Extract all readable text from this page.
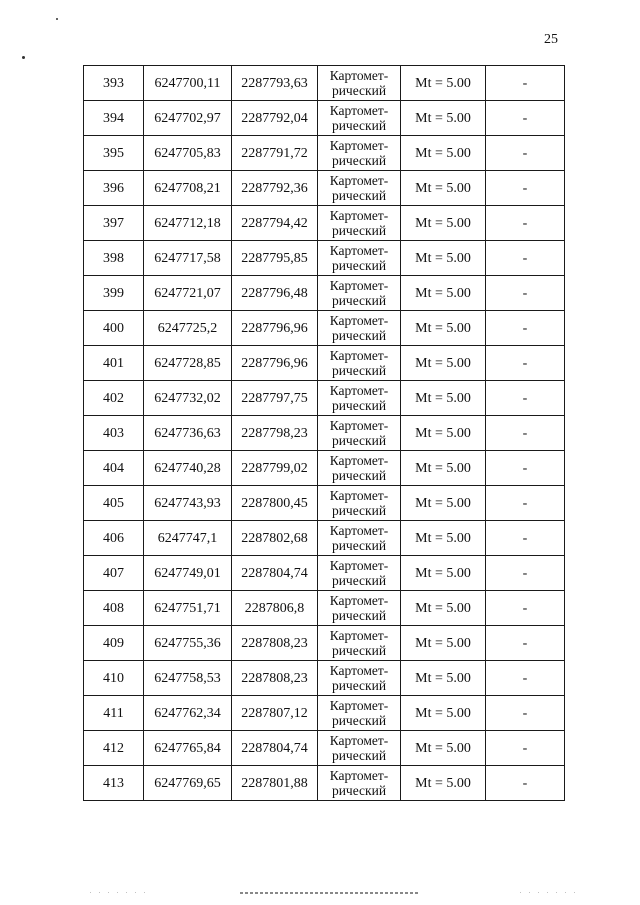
25
393	6247700,11	2287793,63	Картомет-
рический	Mt = 5.00	-
394	6247702,97	2287792,04	Картомет-
рический	Mt = 5.00	-
395	6247705,83	2287791,72	Картомет-
рический	Mt = 5.00	-
396	6247708,21	2287792,36	Картомет-
рический	Mt = 5.00	-
397	6247712,18	2287794,42	Картомет-
рический	Mt = 5.00	-
398	6247717,58	2287795,85	Картомет-
рический	Mt = 5.00	-
399	6247721,07	2287796,48	Картомет-
рический	Mt = 5.00	-
400	6247725,2	2287796,96	Картомет-
рический	Mt = 5.00	-
401	6247728,85	2287796,96	Картомет-
рический	Mt = 5.00	-
402	6247732,02	2287797,75	Картомет-
рический	Mt = 5.00	-
403	6247736,63	2287798,23	Картомет-
рический	Mt = 5.00	-
404	6247740,28	2287799,02	Картомет-
рический	Mt = 5.00	-
405	6247743,93	2287800,45	Картомет-
рический	Mt = 5.00	-
406	6247747,1	2287802,68	Картомет-
рический	Mt = 5.00	-
407	6247749,01	2287804,74	Картомет-
рический	Mt = 5.00	-
408	6247751,71	2287806,8	Картомет-
рический	Mt = 5.00	-
409	6247755,36	2287808,23	Картомет-
рический	Mt = 5.00	-
410	6247758,53	2287808,23	Картомет-
рический	Mt = 5.00	-
411	6247762,34	2287807,12	Картомет-
рический	Mt = 5.00	-
412	6247765,84	2287804,74	Картомет-
рический	Mt = 5.00	-
413	6247769,65	2287801,88	Картомет-
рический	Mt = 5.00	-
